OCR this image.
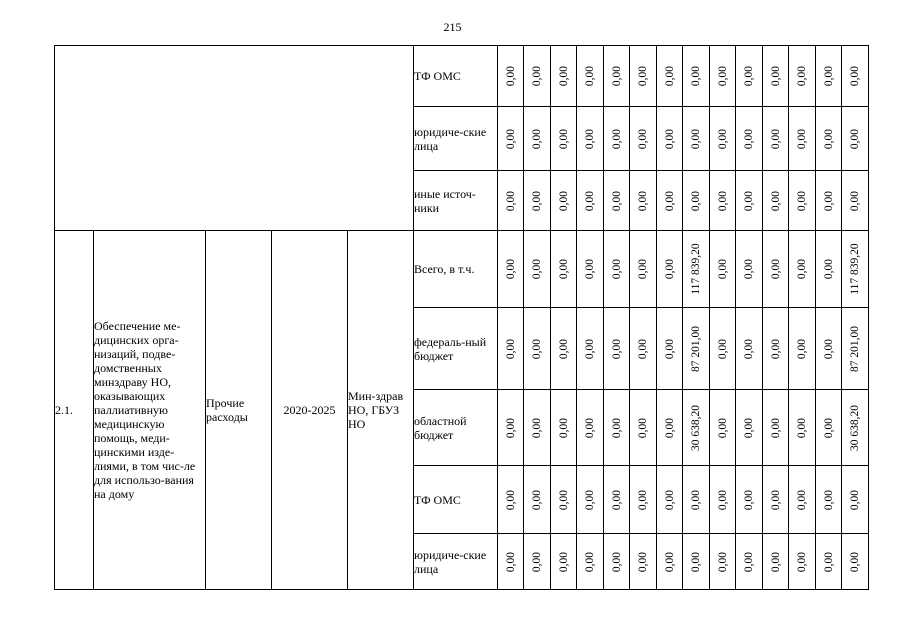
215
					ТФ ОМС	0,00	0,00	0,00	0,00	0,00	0,00	0,00	0,00	0,00	0,00	0,00	0,00	0,00	0,00

					юридиче-ские лица	0,00	0,00	0,00	0,00	0,00	0,00	0,00	0,00	0,00	0,00	0,00	0,00	0,00	0,00

					иные источ-ники	0,00	0,00	0,00	0,00	0,00	0,00	0,00	0,00	0,00	0,00	0,00	0,00	0,00	0,00

2.1.	Обеспечение ме-дицинских орга-низаций, подве-домственных минздраву НО, оказывающих паллиативную медицинскую помощь, меди-цинскими изде-лиями, в том чис-ле для использо-вания на дому	Прочие расходы	2020-2025	Мин-здрав НО, ГБУЗ НО	Всего, в т.ч.	0,00	0,00	0,00	0,00	0,00	0,00	0,00	117 839,20	0,00	0,00	0,00	0,00	0,00	117 839,20

					федераль-ный бюджет	0,00	0,00	0,00	0,00	0,00	0,00	0,00	87 201,00	0,00	0,00	0,00	0,00	0,00	87 201,00

					областной бюджет	0,00	0,00	0,00	0,00	0,00	0,00	0,00	30 638,20	0,00	0,00	0,00	0,00	0,00	30 638,20

					ТФ ОМС	0,00	0,00	0,00	0,00	0,00	0,00	0,00	0,00	0,00	0,00	0,00	0,00	0,00	0,00

					юридиче-ские лица	0,00	0,00	0,00	0,00	0,00	0,00	0,00	0,00	0,00	0,00	0,00	0,00	0,00	0,00
